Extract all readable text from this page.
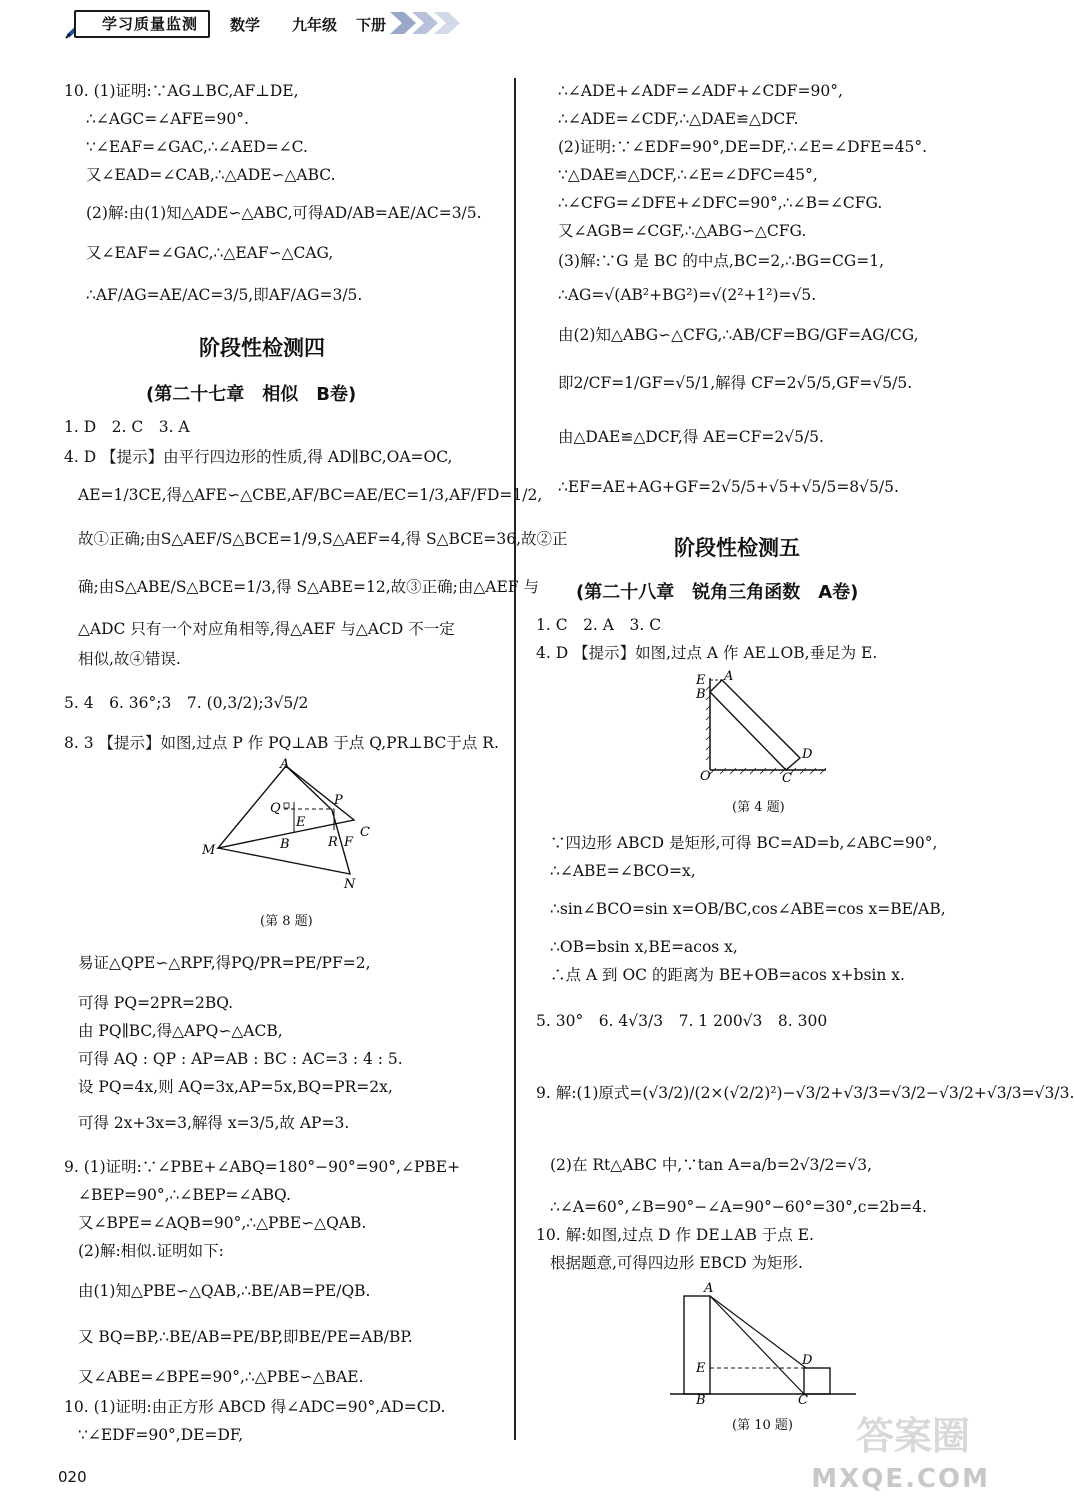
学习质量监测	数学 九年级 下册
10. (1)证明:∵AG⊥BC,AF⊥DE,
∴∠AGC=∠AFE=90°.
∵∠EAF=∠GAC,∴∠AED=∠C.
又∠EAD=∠CAB,∴△ADE∽△ABC.
(2)解:由(1)知△ADE∽△ABC,可得AD/AB=AE/AC=3/5.
又∠EAF=∠GAC,∴△EAF∽△CAG,
∴AF/AG=AE/AC=3/5,即AF/AG=3/5.
阶段性检测四
(第二十七章　相似　B卷)
1. D　2. C　3. A
4. D 【提示】由平行四边形的性质,得 AD∥BC,OA=OC,
AE=1/3CE,得△AFE∽△CBE,AF/BC=AE/EC=1/3,AF/FD=1/2,
故①正确;由S△AEF/S△BCE=1/9,S△AEF=4,得 S△BCE=36,故②正
确;由S△ABE/S△BCE=1/3,得 S△ABE=12,故③正确;由△AEF 与
△ADC 只有一个对应角相等,得△AEF 与△ACD 不一定
相似,故④错误.
5. 4　6. 36°;3　7. (0,3/2);3√5/2
8. 3 【提示】如图,过点 P 作 PQ⊥AB 于点 Q,PR⊥BC于点 R.
A
Q
P
E
M	B	R F
C
N
(第 8 题)
易证△QPE∽△RPF,得PQ/PR=PE/PF=2,
可得 PQ=2PR=2BQ.
由 PQ∥BC,得△APQ∽△ACB,
可得 AQ : QP : AP=AB : BC : AC=3 : 4 : 5.
设 PQ=4x,则 AQ=3x,AP=5x,BQ=PR=2x,
可得 2x+3x=3,解得 x=3/5,故 AP=3.
9. (1)证明:∵∠PBE+∠ABQ=180°−90°=90°,∠PBE+
∠BEP=90°,∴∠BEP=∠ABQ.
又∠BPE=∠AQB=90°,∴△PBE∽△QAB.
(2)解:相似.证明如下:
由(1)知△PBE∽△QAB,∴BE/AB=PE/QB.
又 BQ=BP,∴BE/AB=PE/BP,即BE/PE=AB/BP.
又∠ABE=∠BPE=90°,∴△PBE∽△BAE.
10. (1)证明:由正方形 ABCD 得∠ADC=90°,AD=CD.
∵∠EDF=90°,DE=DF,
∴∠ADE+∠ADF=∠ADF+∠CDF=90°,
∴∠ADE=∠CDF,∴△DAE≌△DCF.
(2)证明:∵∠EDF=90°,DE=DF,∴∠E=∠DFE=45°.
∵△DAE≌△DCF,∴∠E=∠DFC=45°,
∴∠CFG=∠DFE+∠DFC=90°,∴∠B=∠CFG.
又∠AGB=∠CGF,∴△ABG∽△CFG.
(3)解:∵G 是 BC 的中点,BC=2,∴BG=CG=1,
∴AG=√(AB²+BG²)=√(2²+1²)=√5.
由(2)知△ABG∽△CFG,∴AB/CF=BG/GF=AG/CG,
即2/CF=1/GF=√5/1,解得 CF=2√5/5,GF=√5/5.
由△DAE≌△DCF,得 AE=CF=2√5/5.
∴EF=AE+AG+GF=2√5/5+√5+√5/5=8√5/5.
阶段性检测五
(第二十八章　锐角三角函数　A卷)
1. C　2. A　3. C
4. D 【提示】如图,过点 A 作 AE⊥OB,垂足为 E.
E A
B
D
O	C
(第 4 题)
∵四边形 ABCD 是矩形,可得 BC=AD=b,∠ABC=90°,
∴∠ABE=∠BCO=x,
∴sin∠BCO=sin x=OB/BC,cos∠ABE=cos x=BE/AB,
∴OB=bsin x,BE=acos x,
∴点 A 到 OC 的距离为 BE+OB=acos x+bsin x.
5. 30°　6. 4√3/3　7. 1 200√3　8. 300
9. 解:(1)原式=(√3/2)/(2×(√2/2)²)−√3/2+√3/3=√3/2−√3/2+√3/3=√3/3.
(2)在 Rt△ABC 中,∵tan A=a/b=2√3/2=√3,
∴∠A=60°,∠B=90°−∠A=90°−60°=30°,c=2b=4.
10. 解:如图,过点 D 作 DE⊥AB 于点 E.
根据题意,可得四边形 EBCD 为矩形.
A
D
E
B	C
(第 10 题)
020
答案圈
MXQE.COM
